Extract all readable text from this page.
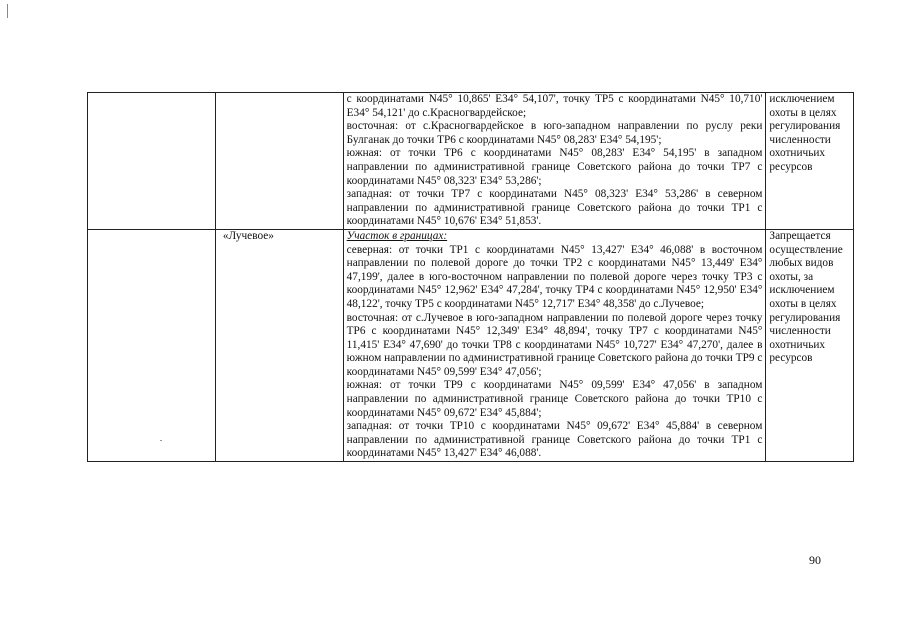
		с координатами N45° 10,865' E34° 54,107', точку ТР5 с координатами N45° 10,710' E34° 54,121' до с.Красногвардейское;
восточная: от с.Красногвардейское в юго-западном направлении по руслу реки Булганак до точки ТР6 с координатами N45° 08,283' E34° 54,195';
южная: от точки ТР6 с координатами N45° 08,283' E34° 54,195' в западном направлении по административной границе Советского района до точки ТР7 с координатами N45° 08,323' E34° 53,286';
западная: от точки ТР7 с координатами N45° 08,323' E34° 53,286' в северном направлении по административной границе Советского района до точки ТР1 с координатами N45° 10,676' E34° 51,853'.	исключением охоты в целях регулирования численности охотничьих ресурсов

	«Лучевое»	Участок в границах:
северная: от точки ТР1 с координатами N45° 13,427' E34° 46,088' в восточном направлении по полевой дороге до точки ТР2 с координатами N45° 13,449' E34° 47,199', далее в юго-восточном направлении по полевой дороге через точку ТР3 с координатами N45° 12,962' E34° 47,284', точку ТР4 с координатами N45° 12,950' E34° 48,122', точку ТР5 с координатами N45° 12,717' E34° 48,358' до с.Лучевое;
восточная: от с.Лучевое в юго-западном направлении по полевой дороге через точку ТР6 с координатами N45° 12,349' E34° 48,894', точку ТР7 с координатами N45° 11,415' E34° 47,690' до точки ТР8 с координатами N45° 10,727' E34° 47,270', далее в южном направлении по административной границе Советского района до точки ТР9 с координатами N45° 09,599' E34° 47,056';
южная: от точки ТР9 с координатами N45° 09,599' E34° 47,056' в западном направлении по административной границе Советского района до точки ТР10 с координатами N45° 09,672' E34° 45,884';
западная: от точки ТР10 с координатами N45° 09,672' E34° 45,884' в северном направлении по административной границе Советского района до точки ТР1 с координатами N45° 13,427' E34° 46,088'.	Запрещается осуществление любых видов охоты, за исключением охоты в целях регулирования численности охотничьих ресурсов
90
